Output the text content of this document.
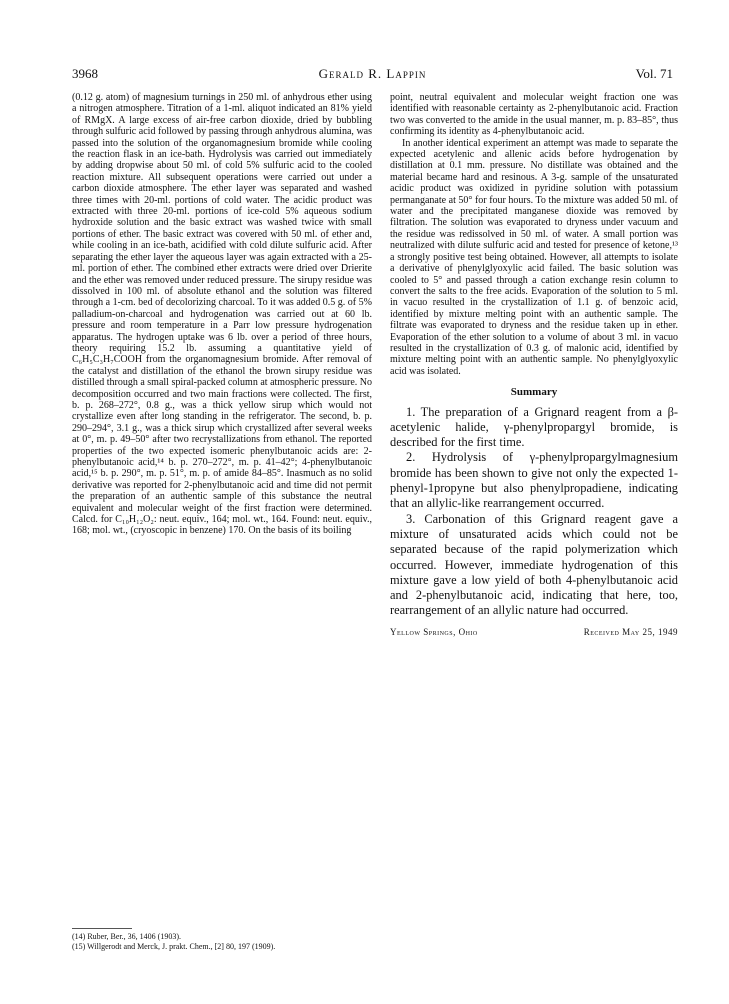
3968	Gerald R. Lappin	Vol. 71

(0.12 g. atom) of magnesium turnings in 250 ml. of anhydrous ether using a nitrogen atmosphere. Titration of a 1-ml. aliquot indicated an 81% yield of RMgX. A large excess of air-free carbon dioxide, dried by bubbling through sulfuric acid followed by passing through anhydrous alumina, was passed into the solution of the organomagnesium bromide while cooling the reaction flask in an ice-bath. Hydrolysis was carried out immediately by adding dropwise about 50 ml. of cold 5% sulfuric acid to the cooled reaction mixture. All subsequent operations were carried out under a carbon dioxide atmosphere. The ether layer was separated and washed three times with 20-ml. portions of cold water. The acidic product was extracted with three 20-ml. portions of ice-cold 5% aqueous sodium hydroxide solution and the basic extract was washed twice with small portions of ether. The basic extract was covered with 50 ml. of ether and, while cooling in an ice-bath, acidified with cold dilute sulfuric acid. After separating the ether layer the aqueous layer was again extracted with a 25-ml. portion of ether. The combined ether extracts were dried over Drierite and the ether was removed under reduced pressure. The sirupy residue was dissolved in 100 ml. of absolute ethanol and the solution was filtered through a 1-cm. bed of decolorizing charcoal. To it was added 0.5 g. of 5% palladium-on-charcoal and hydrogenation was carried out at 60 lb. pressure and room temperature in a Parr low pressure hydrogenation apparatus. The hydrogen uptake was 6 lb. over a period of three hours, theory requiring 15.2 lb. assuming a quantitative yield of C₆H₅C₃H₇COOH from the organomagnesium bromide. After removal of the catalyst and distillation of the ethanol the brown sirupy residue was distilled through a small spiral-packed column at atmospheric pressure. No decomposition occurred and two main fractions were collected. The first, b. p. 268–272°, 0.8 g., was a thick yellow sirup which would not crystallize even after long standing in the refrigerator. The second, b. p. 290–294°, 3.1 g., was a thick sirup which crystallized after several weeks at 0°, m. p. 49–50° after two recrystallizations from ethanol. The reported properties of the two expected isomeric phenylbutanoic acids are: 2-phenylbutanoic acid,¹⁴ b. p. 270–272°, m. p. 41–42°; 4-phenylbutanoic acid,¹⁵ b. p. 290°, m. p. 51°, m. p. of amide 84–85°. Inasmuch as no solid derivative was reported for 2-phenylbutanoic acid and time did not permit the preparation of an authentic sample of this substance the neutral equivalent and molecular weight of the first fraction were determined. Calcd. for C₁₀H₁₂O₂: neut. equiv., 164; mol. wt., 164. Found: neut. equiv., 168; mol. wt., (cryoscopic in benzene) 170. On the basis of its boiling

(14) Ruber, Ber., 36, 1406 (1903).
(15) Willgerodt and Merck, J. prakt. Chem., [2] 80, 197 (1909).

point, neutral equivalent and molecular weight fraction one was identified with reasonable certainty as 2-phenylbutanoic acid. Fraction two was converted to the amide in the usual manner, m. p. 83–85°, thus confirming its identity as 4-phenylbutanoic acid.

In another identical experiment an attempt was made to separate the expected acetylenic and allenic acids before hydrogenation by distillation at 0.1 mm. pressure. No distillate was obtained and the material became hard and resinous. A 3-g. sample of the unsaturated acidic product was oxidized in pyridine solution with potassium permanganate at 50° for four hours. To the mixture was added 50 ml. of water and the precipitated manganese dioxide was removed by filtration. The solution was evaporated to dryness under vacuum and the residue was redissolved in 50 ml. of water. A small portion was neutralized with dilute sulfuric acid and tested for presence of ketone,¹³ a strongly positive test being obtained. However, all attempts to isolate a derivative of phenylglyoxylic acid failed. The basic solution was cooled to 5° and passed through a cation exchange resin column to convert the salts to the free acids. Evaporation of the solution to 5 ml. in vacuo resulted in the crystallization of 1.1 g. of benzoic acid, identified by mixture melting point with an authentic sample. The filtrate was evaporated to dryness and the residue taken up in ether. Evaporation of the ether solution to a volume of about 3 ml. in vacuo resulted in the crystallization of 0.3 g. of malonic acid, identified by mixture melting point with an authentic sample. No phenylglyoxylic acid was isolated.

Summary

1. The preparation of a Grignard reagent from a β-acetylenic halide, γ-phenylpropargyl bromide, is described for the first time.

2. Hydrolysis of γ-phenylpropargylmagnesium bromide has been shown to give not only the expected 1-phenyl-1propyne but also phenylpropadiene, indicating that an allylic-like rearrangement occurred.

3. Carbonation of this Grignard reagent gave a mixture of unsaturated acids which could not be separated because of the rapid polymerization which occurred. However, immediate hydrogenation of this mixture gave a low yield of both 4-phenylbutanoic acid and 2-phenylbutanoic acid, indicating that here, too, rearrangement of an allylic nature had occurred.

Yellow Springs, Ohio	Received May 25, 1949
